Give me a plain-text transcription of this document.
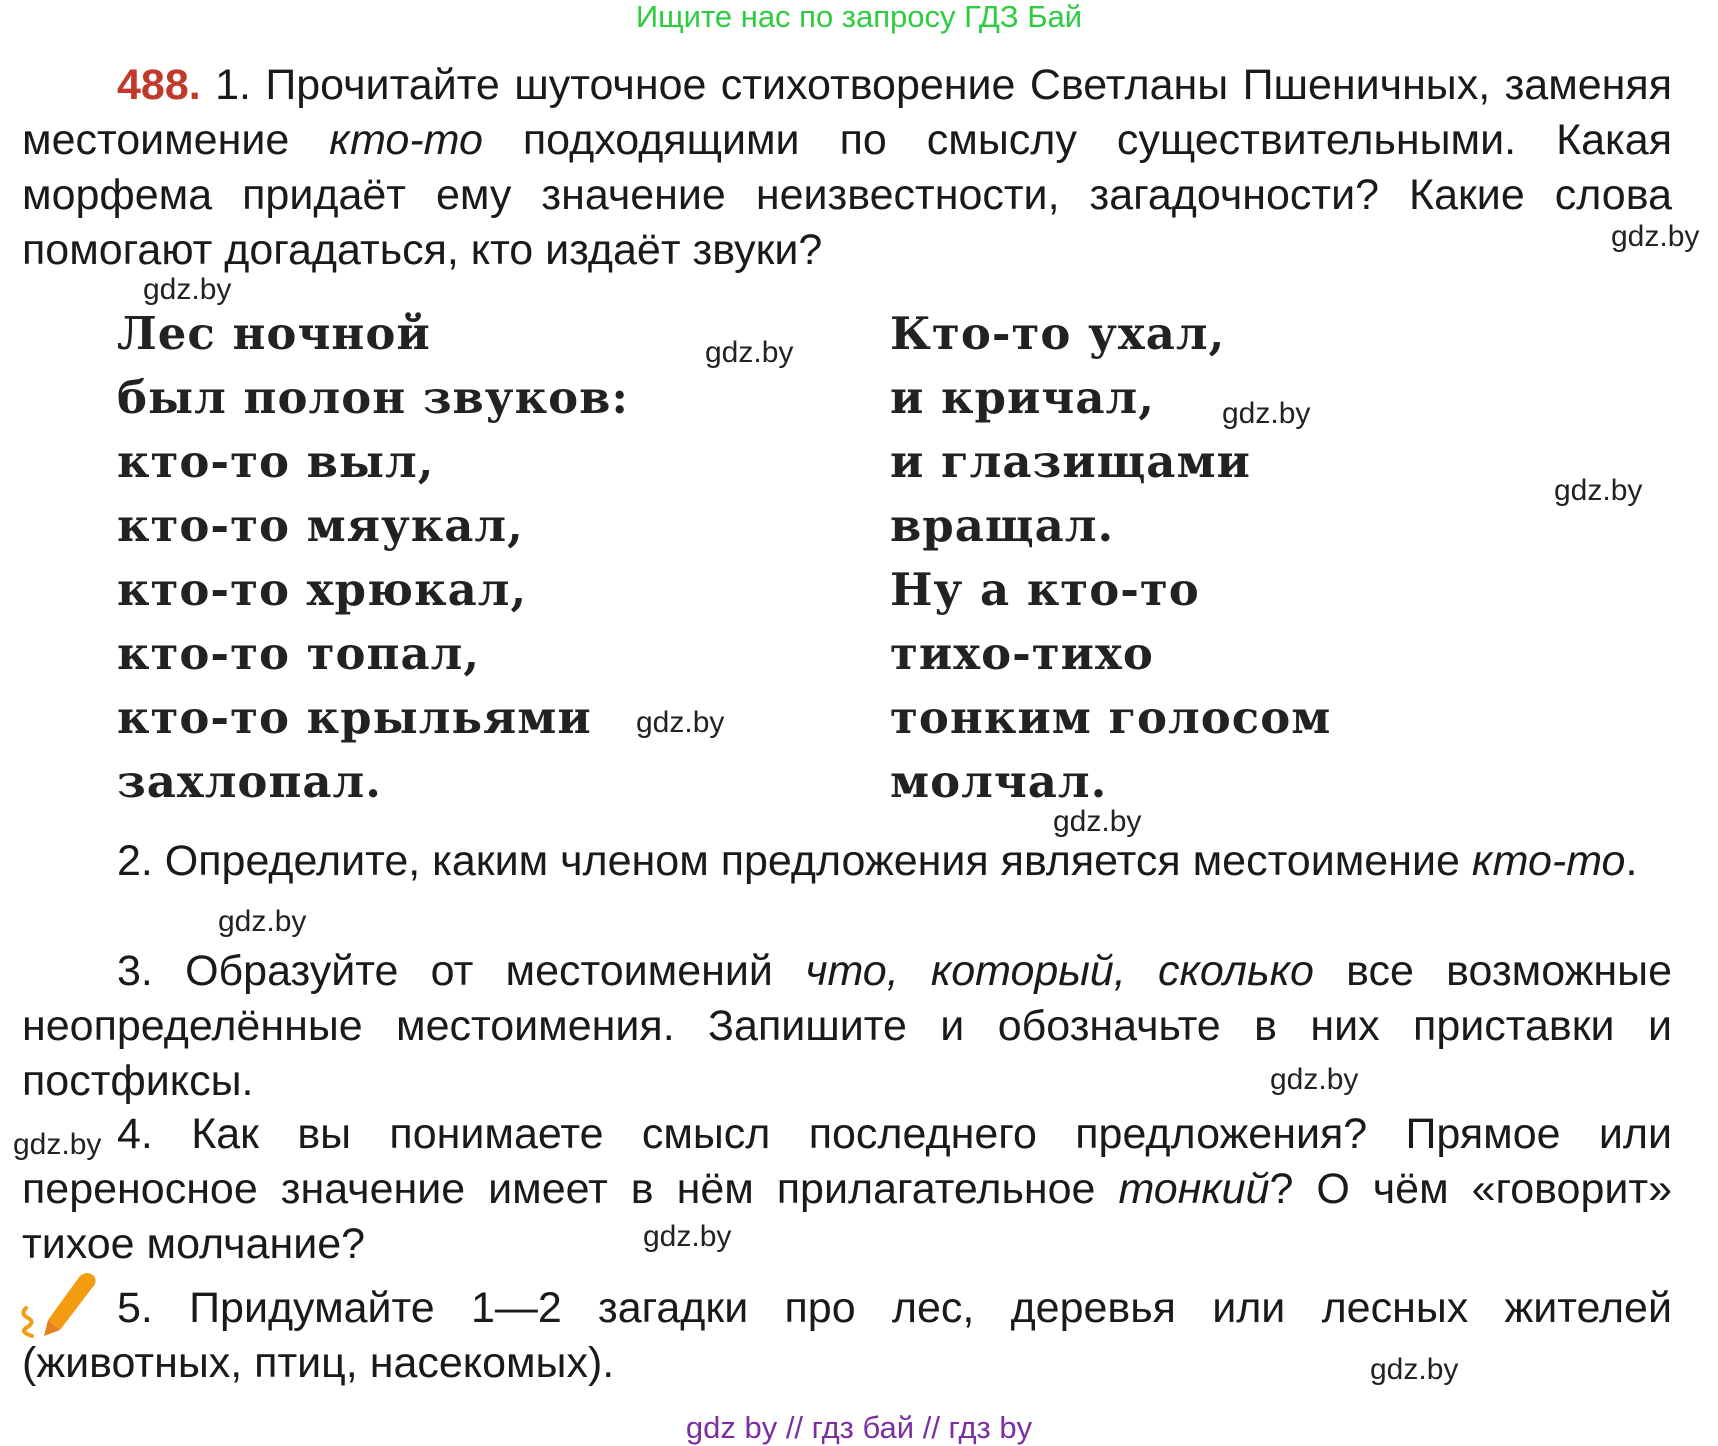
Ищите нас по запросу ГДЗ Бай

488. 1. Прочитайте шуточное стихотворение Светланы Пшеничных, заменяя местоимение кто-то подходящими по смыслу существительными. Какая морфема придаёт ему значение неизвестности, загадочности? Какие слова помогают догадаться, кто издаёт звуки?

Лес ночной
был полон звуков:
кто-то выл,
кто-то мяукал,
кто-то хрюкал,
кто-то топал,
кто-то крыльями
захлопал.
Кто-то ухал,
и кричал,
и глазищами
вращал.
Ну а кто-то
тихо-тихо
тонким голосом
молчал.

2. Определите, каким членом предложения является местоимение кто-то.

3. Образуйте от местоимений что, который, сколько все возможные неопределённые местоимения. Запишите и обозначьте в них приставки и постфиксы.

4. Как вы понимаете смысл последнего предложения? Прямое или переносное значение имеет в нём прилагательное тонкий? О чём «говорит» тихое молчание?

5. Придумайте 1—2 загадки про лес, деревья или лесных жителей (животных, птиц, насекомых).

gdz.by
gdz.by
gdz.by
gdz.by
gdz.by
gdz.by
gdz.by
gdz.by
gdz.by
gdz.by
gdz.by
gdz.by
gdz by // гдз бай // гдз by
